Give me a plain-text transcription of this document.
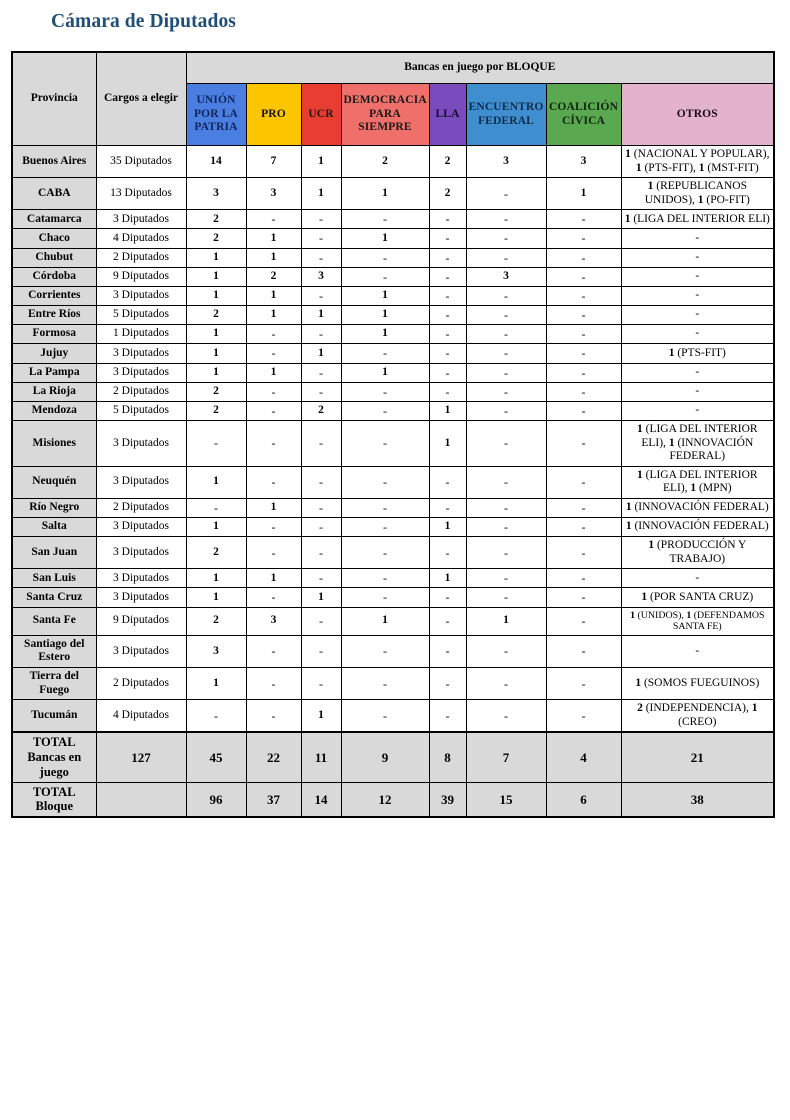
Cámara de Diputados
Provincia	Cargos a elegir	Bancas en juego por BLOQUE							
		UNIÓN POR LA PATRIA	PRO	UCR	DEMOCRACIA PARA SIEMPRE	LLA	ENCUENTRO FEDERAL	COALICIÓN CÍVICA	OTROS
Buenos Aires	35 Diputados	14	7	1	2	2	3	3	1 (NACIONAL Y POPULAR), 1 (PTS-FIT), 1 (MST-FIT)
CABA	13 Diputados	3	3	1	1	2	-	1	1 (REPUBLICANOS UNIDOS), 1 (PO-FIT)
Catamarca	3 Diputados	2	-	-	-	-	-	-	1 (LIGA DEL INTERIOR ELI)
Chaco	4 Diputados	2	1	-	1	-	-	-	-
Chubut	2 Diputados	1	1	-	-	-	-	-	-
Córdoba	9 Diputados	1	2	3	-	-	3	-	-
Corrientes	3 Diputados	1	1	-	1	-	-	-	-
Entre Ríos	5 Diputados	2	1	1	1	-	-	-	-
Formosa	1 Diputados	1	-	-	1	-	-	-	-
Jujuy	3 Diputados	1	-	1	-	-	-	-	1 (PTS-FIT)
La Pampa	3 Diputados	1	1	-	1	-	-	-	-
La Rioja	2 Diputados	2	-	-	-	-	-	-	-
Mendoza	5 Diputados	2	-	2	-	1	-	-	-
Misiones	3 Diputados	-	-	-	-	1	-	-	1 (LIGA DEL INTERIOR ELI), 1 (INNOVACIÓN FEDERAL)
Neuquén	3 Diputados	1	-	-	-	-	-	-	1 (LIGA DEL INTERIOR ELI), 1 (MPN)
Río Negro	2 Diputados	-	1	-	-	-	-	-	1 (INNOVACIÓN FEDERAL)
Salta	3 Diputados	1	-	-	-	1	-	-	1 (INNOVACIÓN FEDERAL)
San Juan	3 Diputados	2	-	-	-	-	-	-	1 (PRODUCCIÓN Y TRABAJO)
San Luis	3 Diputados	1	1	-	-	1	-	-	-
Santa Cruz	3 Diputados	1	-	1	-	-	-	-	1 (POR SANTA CRUZ)
Santa Fe	9 Diputados	2	3	-	1	-	1	-	1 (UNIDOS), 1 (DEFENDAMOS SANTA FE)
Santiago del Estero	3 Diputados	3	-	-	-	-	-	-	-
Tierra del Fuego	2 Diputados	1	-	-	-	-	-	-	1 (SOMOS FUEGUINOS)
Tucumán	4 Diputados	-	-	1	-	-	-	-	2 (INDEPENDENCIA), 1 (CREO)
TOTAL Bancas en juego	127	45	22	11	9	8	7	4	21
TOTAL Bloque		96	37	14	12	39	15	6	38
